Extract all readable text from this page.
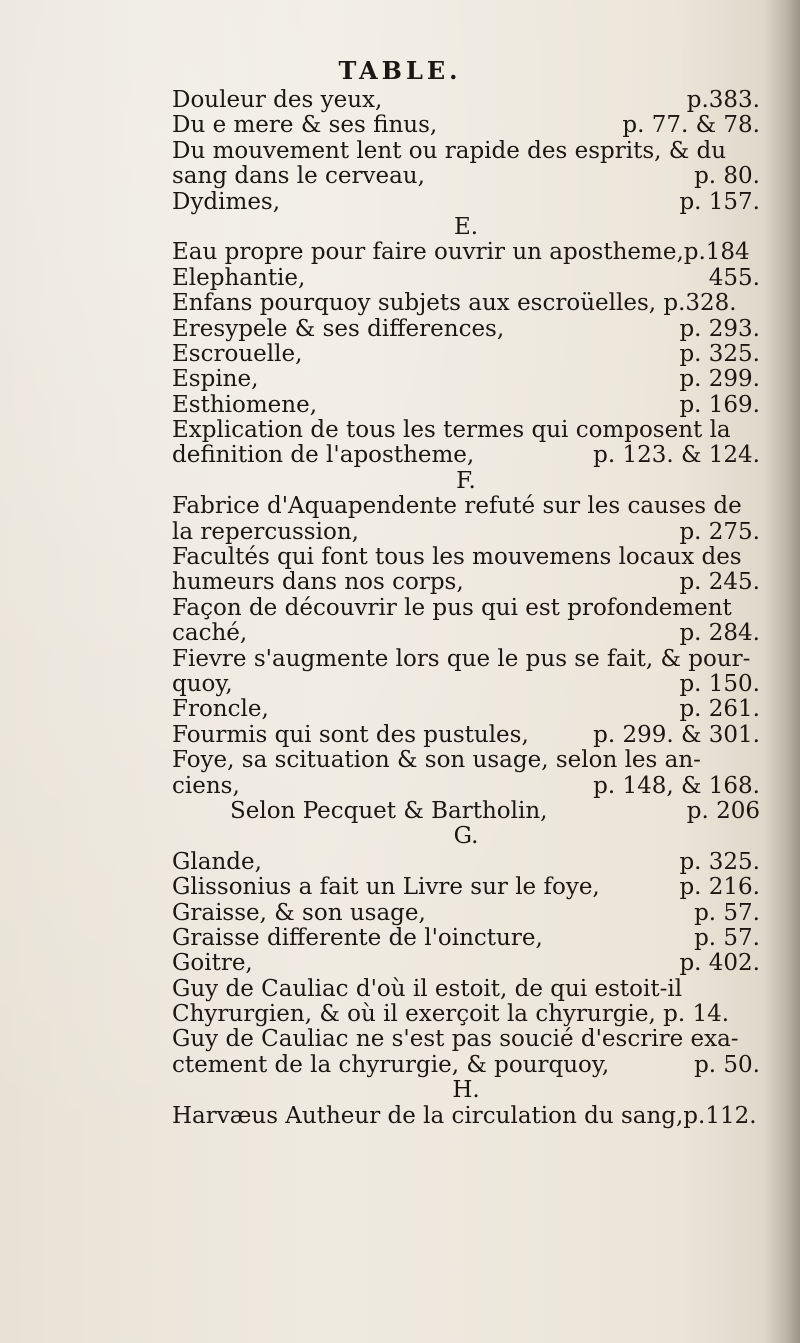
TABLE.
Douleur des yeux,	p.383.
Du e mere & ses finus,	p. 77. & 78.
Du mouvement lent ou rapide des esprits, & du
sang dans le cerveau,	p. 80.
Dydimes,	p. 157.
E.
Eau propre pour faire ouvrir un apostheme,p.184
Elephantie,	455.
Enfans pourquoy subjets aux escroüelles, p.328.
Eresypele & ses differences,	p. 293.
Escrouelle,	p. 325.
Espine,	p. 299.
Esthiomene,	p. 169.
Explication de tous les termes qui composent la
definition de l'apostheme,	p. 123. & 124.
F.
Fabrice d'Aquapendente refuté sur les causes de
la repercussion,	p. 275.
Facultés qui font tous les mouvemens locaux des
humeurs dans nos corps,	p. 245.
Façon de découvrir le pus qui est profondement
caché,	p. 284.
Fievre s'augmente lors que le pus se fait, & pour-
quoy,	p. 150.
Froncle,	p. 261.
Fourmis qui sont des pustules,	p. 299. & 301.
Foye, sa scituation & son usage, selon les an-
ciens,	p. 148, & 168.
Selon Pecquet & Bartholin,	p. 206
G.
Glande,	p. 325.
Glissonius a fait un Livre sur le foye,	p. 216.
Graisse, & son usage,	p. 57.
Graisse differente de l'oincture,	p. 57.
Goitre,	p. 402.
Guy de Cauliac d'où il estoit, de qui estoit-il
Chyrurgien, & où il exerçoit la chyrurgie, p. 14.
Guy de Cauliac ne s'est pas soucié d'escrire exa-
ctement de la chyrurgie, & pourquoy,	p. 50.
H.
Harvæus Autheur de la circulation du sang,p.112.
